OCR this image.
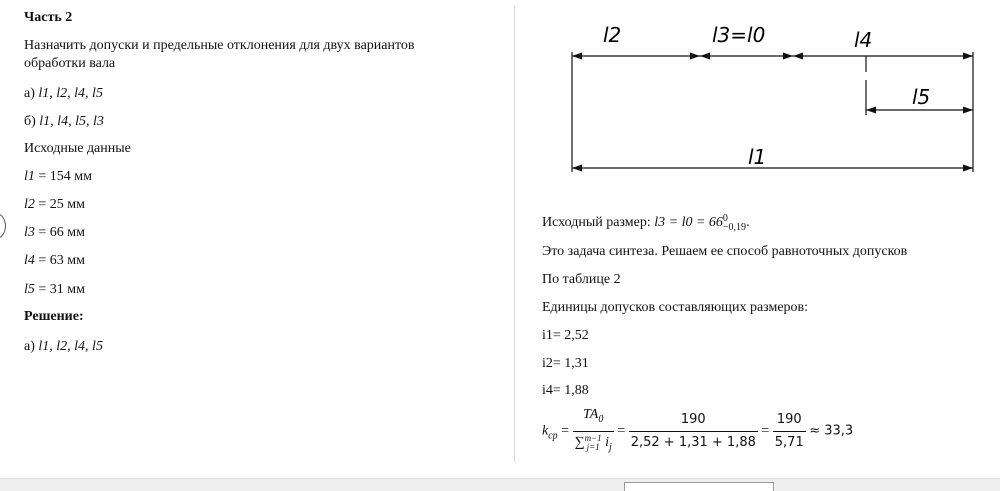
Часть 2
Назначить допуски и предельные отклонения для двух вариантов
обработки вала
а) l1, l2, l4, l5
б) l1, l4, l5, l3
Исходные данные
l1 = 154 мм
l2 = 25 мм
l3 = 66 мм
l4 = 63 мм
l5 = 31 мм
Решение:
а) l1, l2, l4, l5
l2	l3=l0	l4
l5
l1
Исходный размер: l3 = l0 = 66 0
−0,19 .
Это задача синтеза. Решаем ее способ равноточных допусков
По таблице 2
Единицы допусков составляющих размеров:
i1= 2,52
i2= 1,31
i4= 1,88
$k_{cp} = TA_0$
∑ m−1
j=1 $i_j = \frac{190}{2,52 + 1,31 + 1,88} = \frac{190}{5,71} \approx 33,3$
